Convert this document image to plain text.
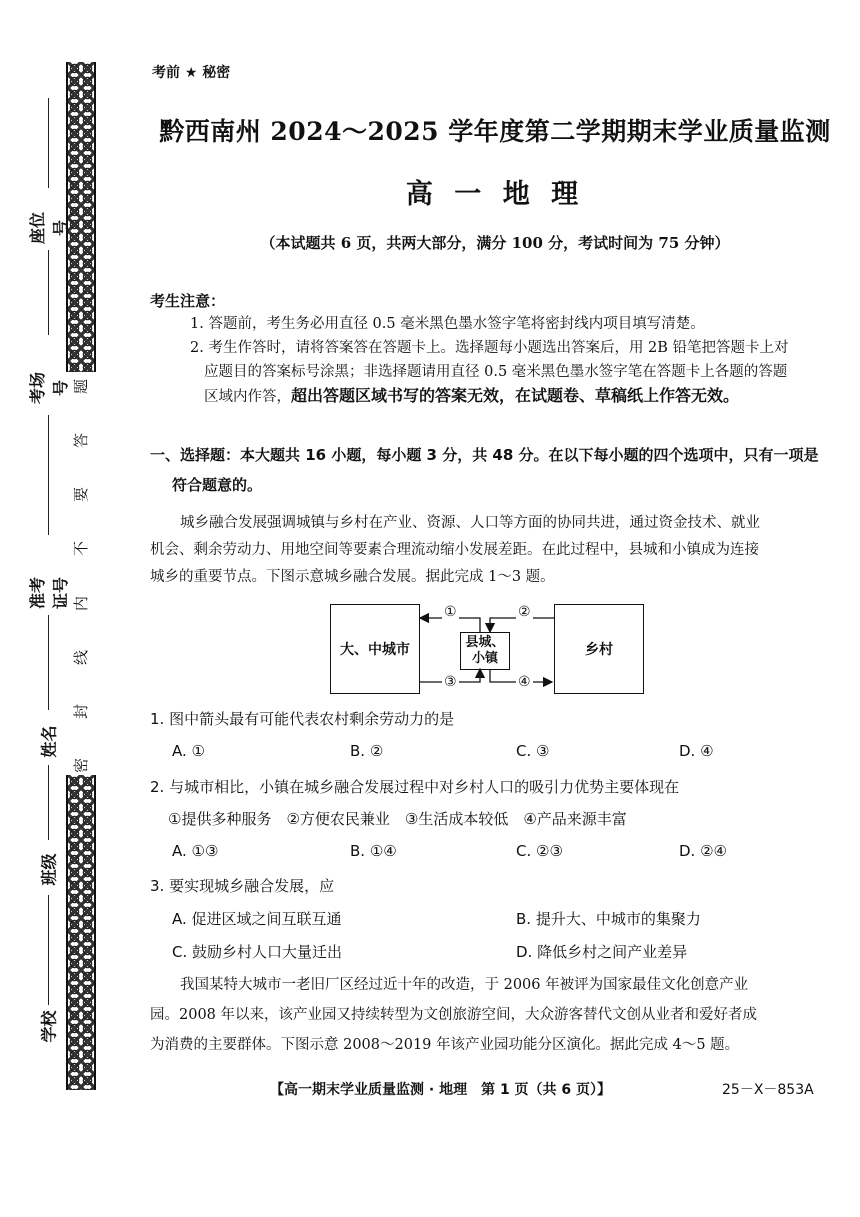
题
答
要
不
内
线
封
密
座位号
考场号
准考证号
姓名
班级
学校
考前 ★ 秘密
黔西南州 2024～2025 学年度第二学期期末学业质量监测
高 一 地 理
（本试题共 6 页，共两大部分，满分 100 分，考试时间为 75 分钟）
考生注意：
1. 答题前，考生务必用直径 0.5 毫米黑色墨水签字笔将密封线内项目填写清楚。
2. 考生作答时，请将答案答在答题卡上。选择题每小题选出答案后，用 2B 铅笔把答题卡上对
应题目的答案标号涂黑；非选择题请用直径 0.5 毫米黑色墨水签字笔在答题卡上各题的答题
区域内作答，超出答题区域书写的答案无效，在试题卷、草稿纸上作答无效。
一、选择题：本大题共 16 小题，每小题 3 分，共 48 分。在以下每小题的四个选项中，只有一项是
符合题意的。
城乡融合发展强调城镇与乡村在产业、资源、人口等方面的协同共进，通过资金技术、就业
机会、剩余劳动力、用地空间等要素合理流动缩小发展差距。在此过程中，县城和小镇成为连接
城乡的重要节点。下图示意城乡融合发展。据此完成 1～3 题。
大、中城市	县城、
小镇
乡村
①	②
③	④
1. 图中箭头最有可能代表农村剩余劳动力的是
A. ①	B. ②	C. ③	D. ④
2. 与城市相比，小镇在城乡融合发展过程中对乡村人口的吸引力优势主要体现在
①提供多种服务　②方便农民兼业　③生活成本较低　④产品来源丰富
A. ①③	B. ①④	C. ②③	D. ②④
3. 要实现城乡融合发展，应
A. 促进区域之间互联互通	B. 提升大、中城市的集聚力
C. 鼓励乡村人口大量迁出	D. 降低乡村之间产业差异
我国某特大城市一老旧厂区经过近十年的改造，于 2006 年被评为国家最佳文化创意产业
园。2008 年以来，该产业园又持续转型为文创旅游空间，大众游客替代文创从业者和爱好者成
为消费的主要群体。下图示意 2008～2019 年该产业园功能分区演化。据此完成 4～5 题。
【高一期末学业质量监测 · 地理　第 1 页（共 6 页）】	25－X－853A
